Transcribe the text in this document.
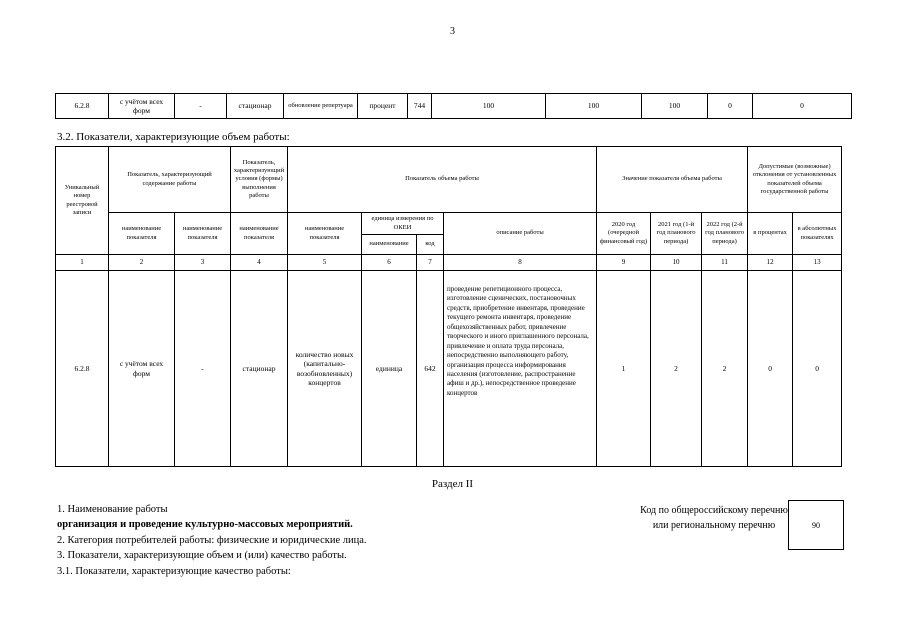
3
6.2.8	с учётом всех форм	-	стационар	обновление репертуара	процент	744	100	100	100	0	0
3.2. Показатели, характеризующие объем работы:
Уникальный номер реестровой записи	Показатель, характеризующий содержание работы		Показатель, характеризующий условия (формы) выполнения работы	Показатель объема работы				Значение показателя объема работы			Допустимые (возможные) отклонения от установленных показателей объема государственной работы	
	наименование показателя	наименование показателя	наименование показателя	наименование показателя	единица измерения по ОКЕИ		описание работы	2020 год (очередной финансовый год)	2021 год (1-й год планового периода)	2022 год (2-й год планового периода)	в процентах	в абсолютных показателях
					наименование	код						
1	2	3	4	5	6	7	8	9	10	11	12	13
6.2.8	с учётом всех форм	-	стационар	количество новых (капитально-возобновленных) концертов	единица	642	проведение репетиционного процесса, изготовление сценических, постановочных средств, приобретение инвентаря, проведение текущего ремонта инвентаря, проведение общехозяйственных работ, привлечение творческого и иного приглашенного персонала, привлечение и оплата труда персонала, непосредственно выполняющего работу, организация процесса информирования населения (изготовление, распространение афиш и др.), непосредственное проведение концертов	1	2	2	0	0
Раздел II
1. Наименование работы
организация и проведение культурно-массовых мероприятий.
2. Категория потребителей работы: физические и юридические лица.
3. Показатели, характеризующие объем и (или) качество работы.
3.1. Показатели, характеризующие качество работы:
Код по общероссийскому перечню или региональному перечню	90
